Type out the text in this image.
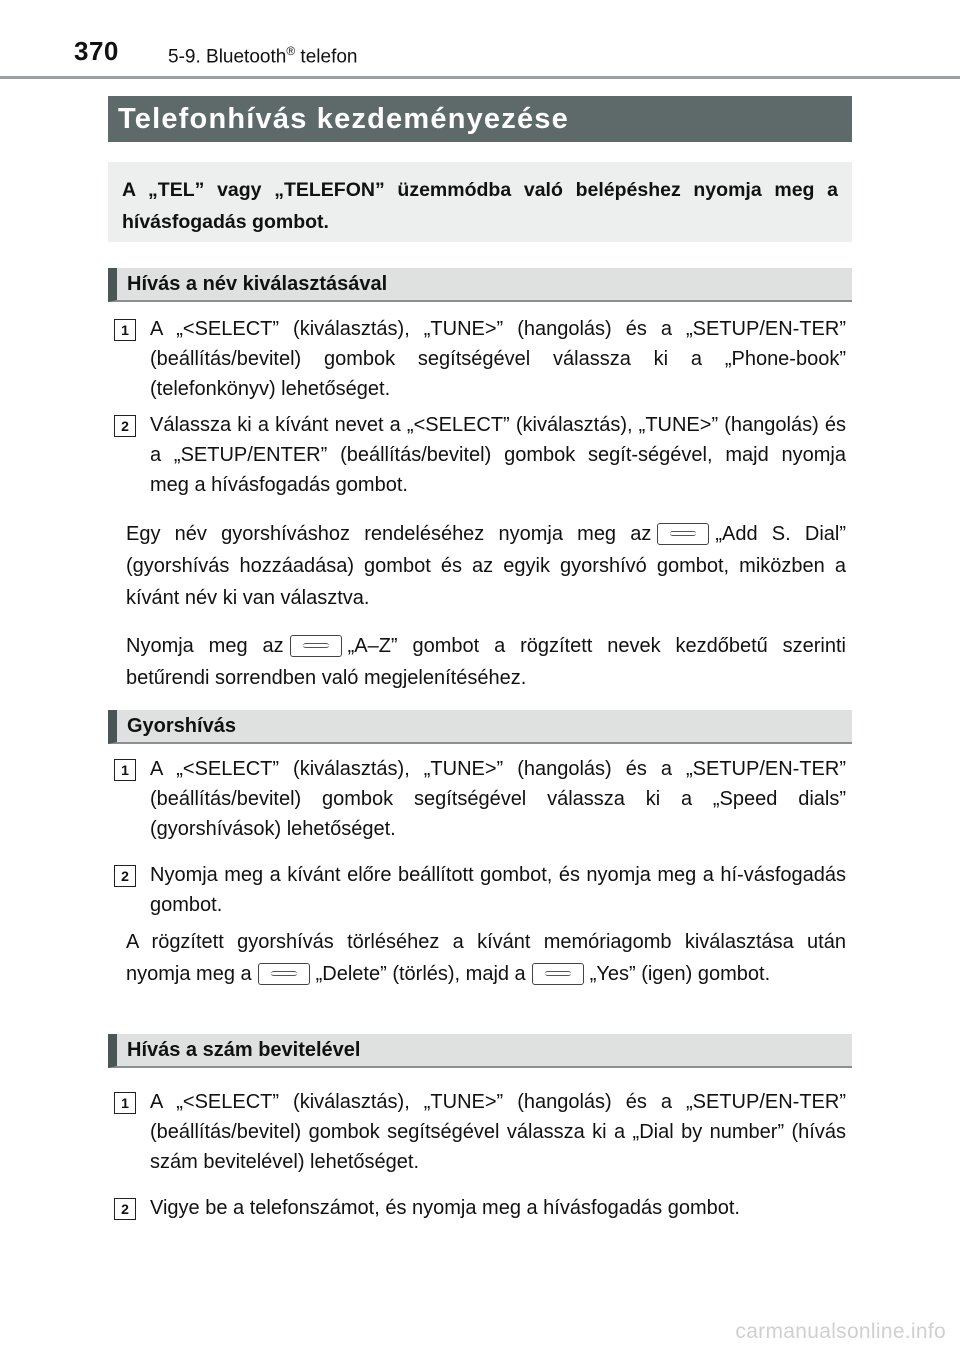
370	5-9. Bluetooth® telefon
Telefonhívás kezdeményezése
A „TEL” vagy „TELEFON” üzemmódba való belépéshez nyomja meg a hívásfogadás gombot.
Hívás a név kiválasztásával
1	A „<SELECT” (kiválasztás), „TUNE>” (hangolás) és a „SETUP/EN-TER” (beállítás/bevitel) gombok segítségével válassza ki a „Phone-book” (telefonkönyv) lehetőséget.
2	Válassza ki a kívánt nevet a „<SELECT” (kiválasztás), „TUNE>” (hangolás) és a „SETUP/ENTER” (beállítás/bevitel) gombok segít-ségével, majd nyomja meg a hívásfogadás gombot.
Egy név gyorshíváshoz rendeléséhez nyomja meg az	„Add S. Dial” (gyorshívás hozzáadása) gombot és az egyik gyorshívó gombot, miközben a kívánt név ki van választva.
Nyomja meg az	„A–Z” gombot a rögzített nevek kezdőbetű szerinti betűrendi sorrendben való megjelenítéséhez.
Gyorshívás
1	A „<SELECT” (kiválasztás), „TUNE>” (hangolás) és a „SETUP/EN-TER” (beállítás/bevitel) gombok segítségével válassza ki a „Speed dials” (gyorshívások) lehetőséget.
2	Nyomja meg a kívánt előre beállított gombot, és nyomja meg a hí-vásfogadás gombot.
A rögzített gyorshívás törléséhez a kívánt memóriagomb kiválasztása után nyomja meg a	„Delete” (törlés), majd a	„Yes” (igen) gombot.
Hívás a szám bevitelével
1	A „<SELECT” (kiválasztás), „TUNE>” (hangolás) és a „SETUP/EN-TER” (beállítás/bevitel) gombok segítségével válassza ki a „Dial by number” (hívás szám bevitelével) lehetőséget.
2	Vigye be a telefonszámot, és nyomja meg a hívásfogadás gombot.
carmanualsonline.info
